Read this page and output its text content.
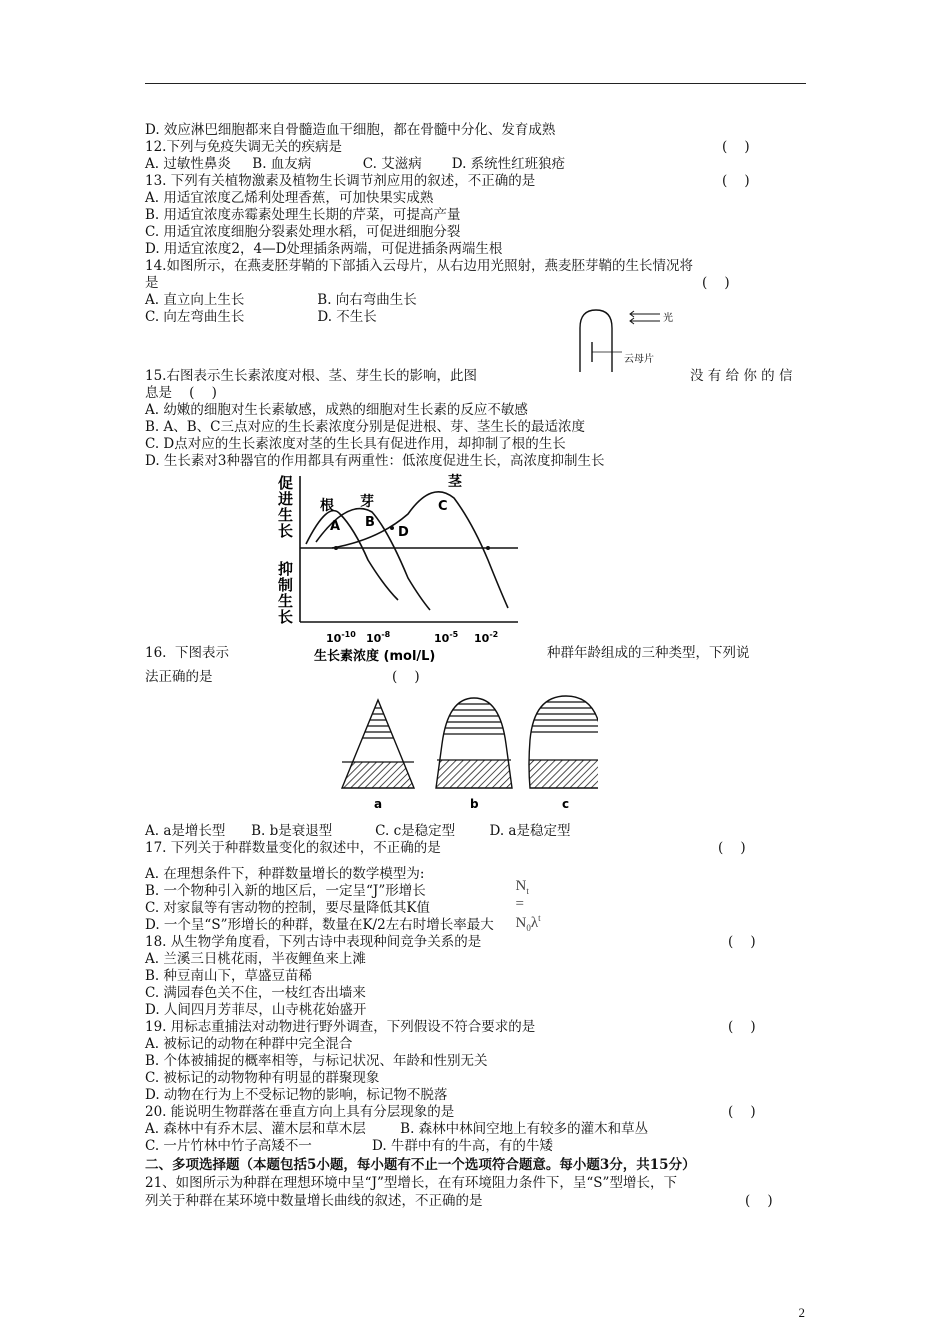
D. 效应淋巴细胞都来自骨髓造血干细胞，都在骨髓中分化、发育成熟
12.下列与免疫失调无关的疾病是	(    )
A. 过敏性鼻炎     B. 血友病            C. 艾滋病       D. 系统性红班狼疮
13. 下列有关植物激素及植物生长调节剂应用的叙述，不正确的是	(    )
A. 用适宜浓度乙烯利处理香蕉，可加快果实成熟
B. 用适宜浓度赤霉素处理生长期的芹菜，可提高产量
C. 用适宜浓度细胞分裂素处理水稻，可促进细胞分裂
D. 用适宜浓度2，4—D处理插条两端，可促进插条两端生根
14.如图所示，在燕麦胚芽鞘的下部插入云母片，从右边用光照射，燕麦胚芽鞘的生长情况将
是	(    )
A. 直立向上生长                 B. 向右弯曲生长
C. 向左弯曲生长                 D. 不生长
15.右图表示生长素浓度对根、茎、芽生长的影响，此图	没 有 给 你 的 信
息是    (    )
A. 幼嫩的细胞对生长素敏感，成熟的细胞对生长素的反应不敏感
B. A、B、C三点对应的生长素浓度分别是促进根、芽、茎生长的最适浓度
C. D点对应的生长素浓度对茎的生长具有促进作用，却抑制了根的生长
D. 生长素对3种器官的作用都具有两重性：低浓度促进生长，高浓度抑制生长
16.  下图表示	种群年龄组成的三种类型，下列说
法正确的是	(    )
A. a是增长型      B. b是衰退型          C. c是稳定型        D. a是稳定型
17. 下列关于种群数量变化的叙述中，不正确的是	(    )
A. 在理想条件下，种群数量增长的数学模型为:
B. 一个物种引入新的地区后，一定呈“J”形增长
C. 对家鼠等有害动物的控制，要尽量降低其K值
D. 一个呈“S”形增长的种群，数量在K/2左右时增长率最大
18. 从生物学角度看，下列古诗中表现种间竞争关系的是	(    )
A. 兰溪三日桃花雨，半夜鲤鱼来上滩
B. 种豆南山下，草盛豆苗稀
C. 满园春色关不住，一枝红杏出墙来
D. 人间四月芳菲尽，山寺桃花始盛开
19. 用标志重捕法对动物进行野外调查，下列假设不符合要求的是	(    )
A. 被标记的动物在种群中完全混合
B. 个体被捕捉的概率相等，与标记状况、年龄和性别无关
C. 被标记的动物物种有明显的群聚现象
D. 动物在行为上不受标记物的影响，标记物不脱落
20. 能说明生物群落在垂直方向上具有分层现象的是	(    )
A. 森林中有乔木层、灌木层和草木层        B. 森林中林间空地上有较多的灌木和草丛
C. 一片竹林中竹子高矮不一              D. 牛群中有的牛高，有的牛矮
二、多项选择题（本题包括5小题，每小题有不止一个选项符合题意。每小题3分，共15分）
21、如图所示为种群在理想环境中呈“J”型增长，在有环境阻力条件下，呈“S”型增长，下
列关于种群在某环境中数量增长曲线的叙述，不正确的是	(    )
光
云母片
促 进 生 长
抑 制 生 长
根 芽
茎
A B
C
D
$10^{-10}$ $10^{-8}$	$10^{-5}$ $10^{-2}$
生长素浓度 (mol/L)
a	b	c

$N_t$
=
$N_0\lambda^t$

2
